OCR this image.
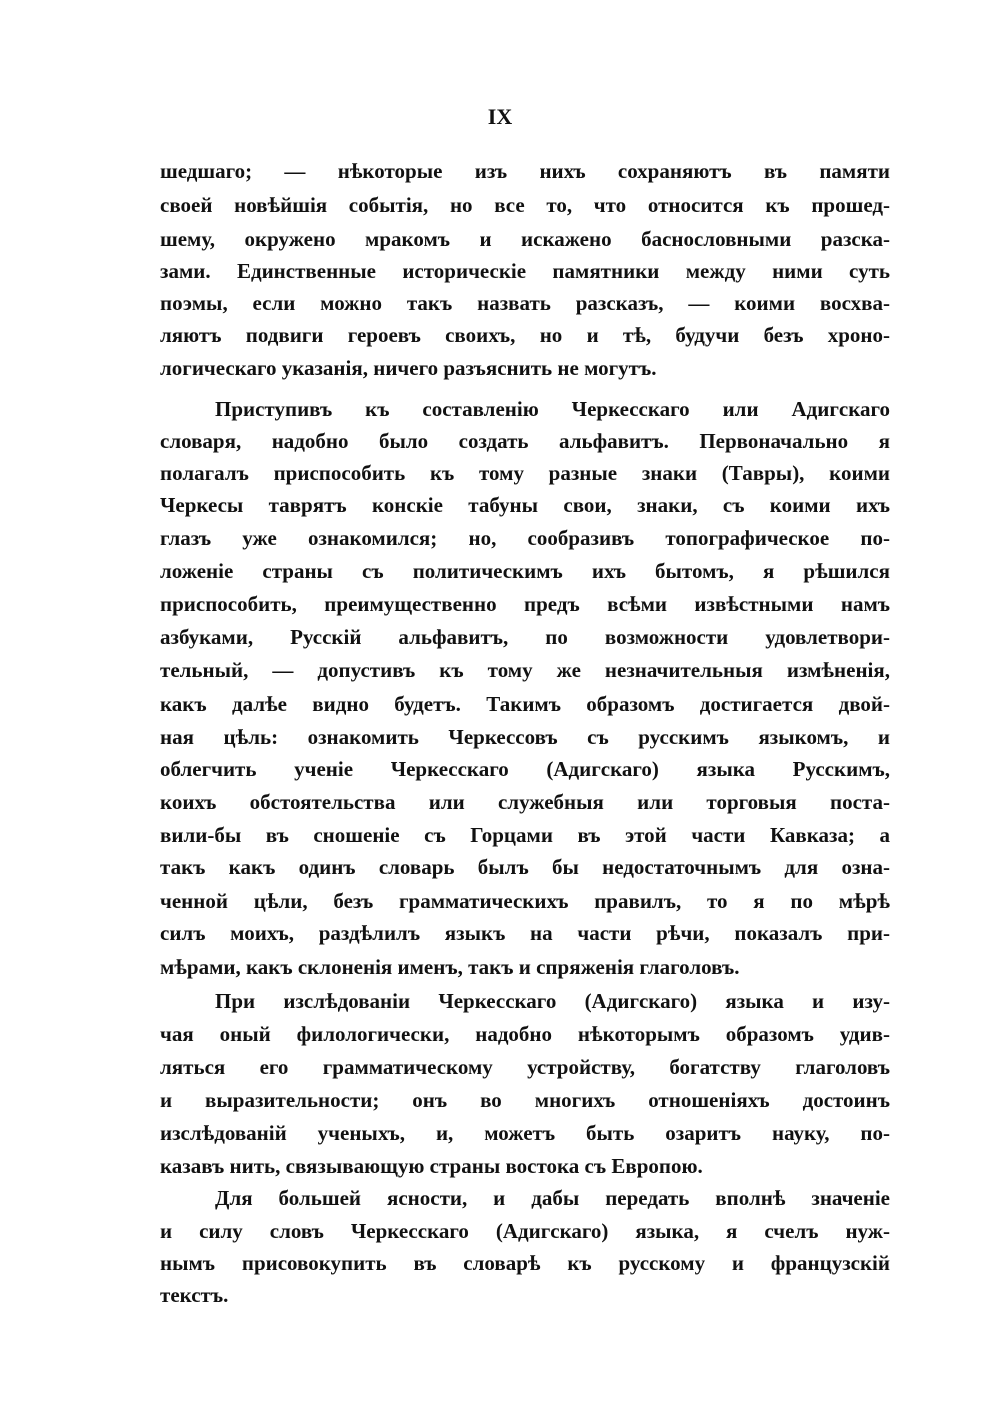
IX
шедшаго; — нѣкоторые изъ нихъ сохраняютъ въ памяти
своей новѣйшія событія, но все то, что относится къ прошед-
шему, окружено мракомъ и искажено баснословными разска-
зами. Единственные историческіе памятники между ними суть
поэмы, если можно такъ назвать разсказъ, — коими восхва-
ляютъ подвиги героевъ своихъ, но и тѣ, будучи безъ хроно-
логическаго указанія, ничего разъяснить не могутъ.
Приступивъ къ составленію Черкесскаго или Адигскаго
словаря, надобно было создать альфавитъ. Первоначально я
полагалъ приспособить къ тому разные знаки (Тавры), коими
Черкесы таврятъ конскіе табуны свои, знаки, съ коими ихъ
глазъ уже ознакомился; но, сообразивъ топографическое по-
ложеніе страны съ политическимъ ихъ бытомъ, я рѣшился
приспособить, преимущественно предъ всѣми извѣстными намъ
азбуками, Русскій альфавитъ, по возможности удовлетвори-
тельный, — допустивъ къ тому же незначительныя измѣненія,
какъ далѣе видно будетъ. Такимъ образомъ достигается двой-
ная цѣль: ознакомить Черкессовъ съ русскимъ языкомъ, и
облегчить ученіе Черкесскаго (Адигскаго) языка Русскимъ,
коихъ обстоятельства или служебныя или торговыя поста-
вили-бы въ сношеніе съ Горцами въ этой части Кавказа; а
такъ какъ одинъ словарь былъ бы недостаточнымъ для озна-
ченной цѣли, безъ грамматическихъ правилъ, то я по мѣрѣ
силъ моихъ, раздѣлилъ языкъ на части рѣчи, показалъ при-
мѣрами, какъ склоненія именъ, такъ и спряженія глаголовъ.
При изслѣдованіи Черкесскаго (Адигскаго) языка и изу-
чая оный филологически, надобно нѣкоторымъ образомъ удив-
ляться его грамматическому устройству, богатству глаголовъ
и выразительности; онъ во многихъ отношеніяхъ достоинъ
изслѣдованій ученыхъ, и, можетъ быть озаритъ науку, по-
казавъ нить, связывающую страны востока съ Европою.
Для большей ясности, и дабы передать вполнѣ значеніе
и силу словъ Черкесскаго (Адигскаго) языка, я счелъ нуж-
нымъ присовокупить въ словарѣ къ русскому и французскій
текстъ.
